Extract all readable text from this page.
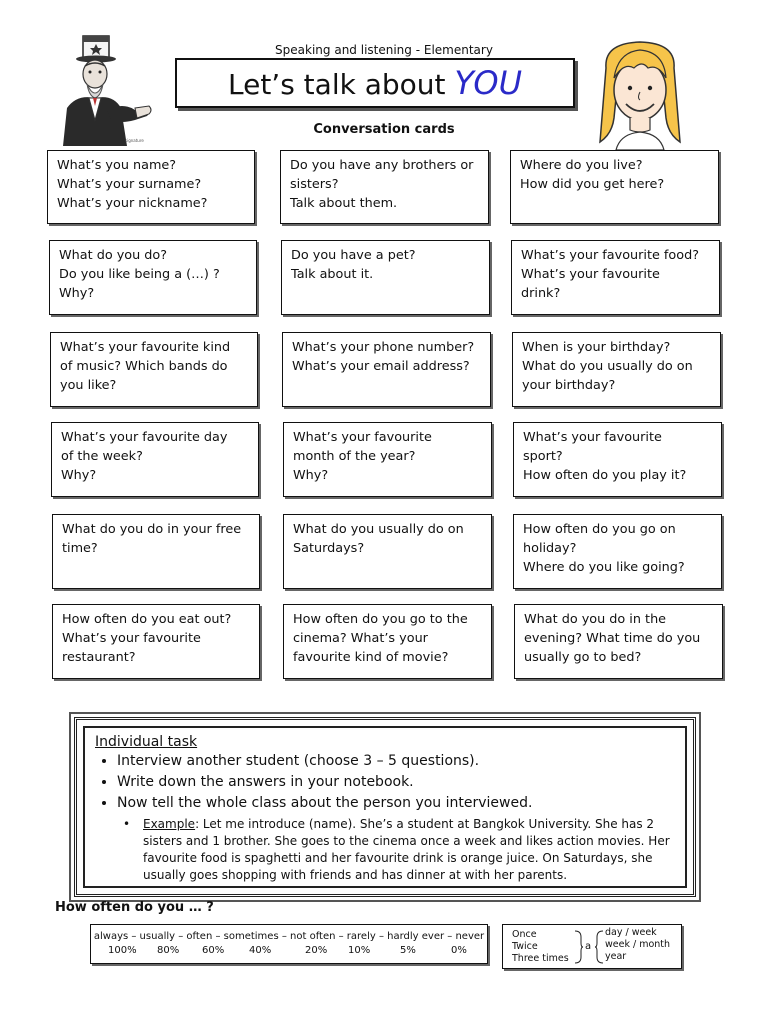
signature
Speaking and listening - Elementary
Let’s talk about YOU
Conversation cards
What’s you name?
What’s your surname?
What’s your nickname?
Do you have any brothers or
sisters?
Talk about them.
Where do you live?
How did you get here?
What do you do?
Do you like being a (…) ?
Why?
Do you have a pet?
Talk about it.
What’s your favourite food?
What’s your favourite
drink?
What’s your favourite kind
of music? Which bands do
you like?
What’s your phone number?
What’s your email address?
When is your birthday?
What do you usually do on
your birthday?
What’s your favourite day
of the week?
Why?
What’s your favourite
month of the year?
Why?
What’s your favourite
sport?
How often do you play it?
What do you do in your free
time?
What do you usually do on
Saturdays?
How often do you go on
holiday?
Where do you like going?
How often do you eat out?
What’s your favourite
restaurant?
How often do you go to the
cinema? What’s your
favourite kind of movie?
What do you do in the
evening? What time do you
usually go to bed?
Individual task
• Interview another student (choose 3 – 5 questions).
• Write down the answers in your notebook.
• Now tell the whole class about the person you interviewed.
• Example: Let me introduce (name). She’s a student at Bangkok University. She has 2
sisters and 1 brother. She goes to the cinema once a week and likes action movies. Her
favourite food is spaghetti and her favourite drink is orange juice. On Saturdays, she
usually goes shopping with friends and has dinner at with her parents.
How often do you … ?
always – usually – often – sometimes – not often – rarely – hardly ever – never
100% 80% 60% 40%	20% 10%	5%	0%
Once
Twice
Three times
a
day / week
week / month
year
